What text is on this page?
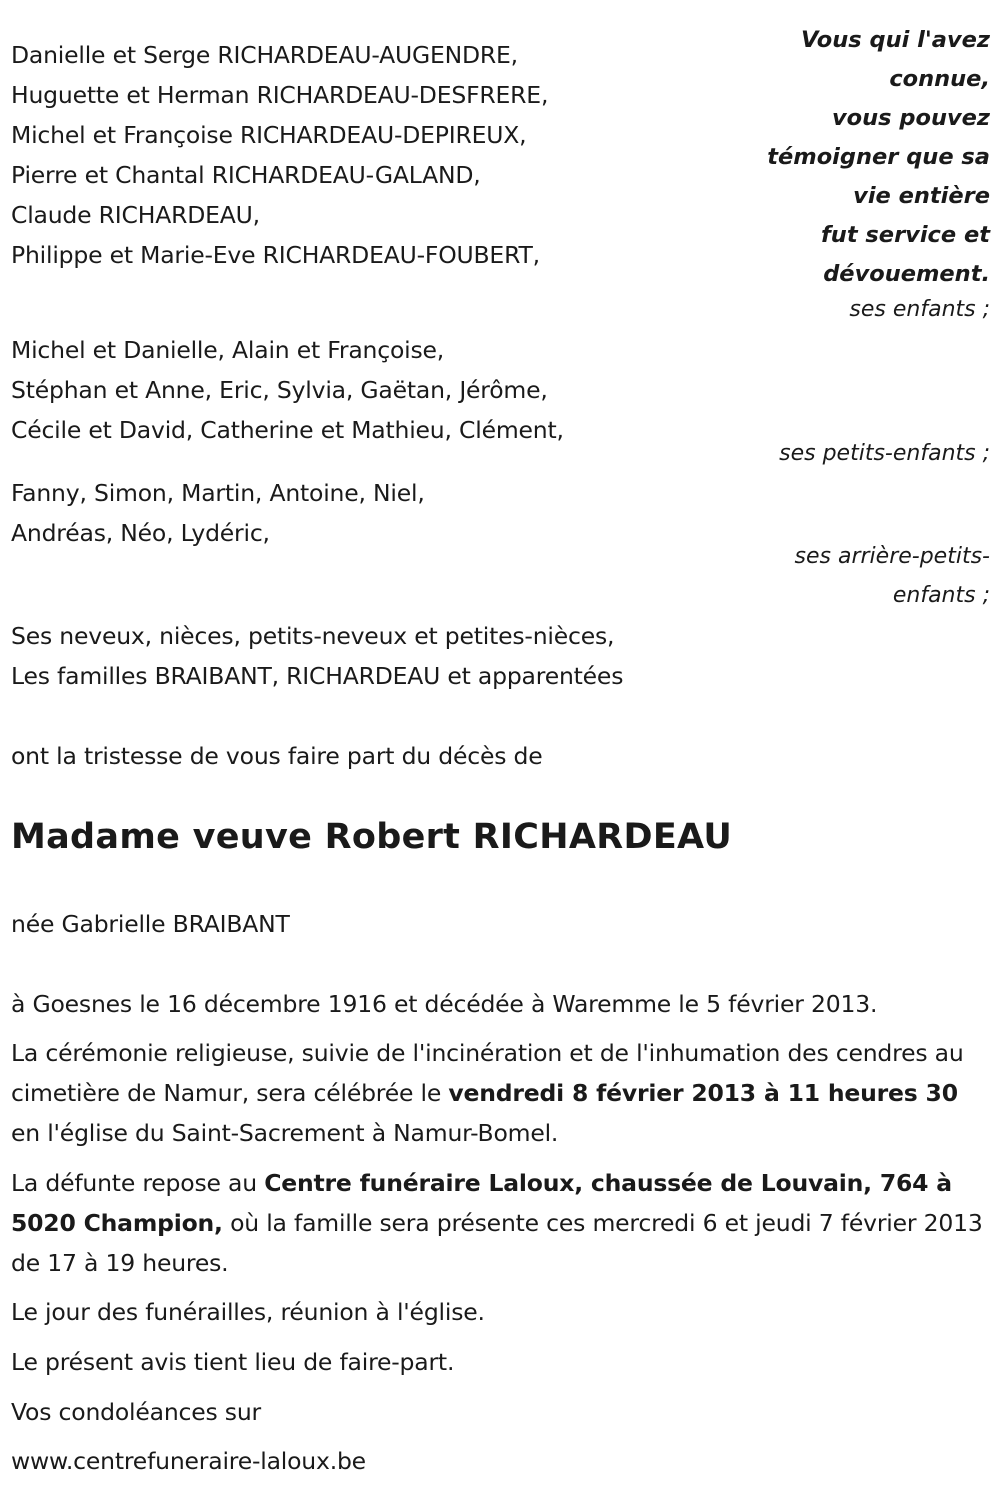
Vous qui l'avez
connue,
vous pouvez
témoigner que sa
vie entière
fut service et
dévouement.
Danielle et Serge RICHARDEAU-AUGENDRE,
Huguette et Herman RICHARDEAU-DESFRERE,
Michel et Françoise RICHARDEAU-DEPIREUX,
Pierre et Chantal RICHARDEAU-GALAND,
Claude RICHARDEAU,
Philippe et Marie-Eve RICHARDEAU-FOUBERT,
ses enfants ;
Michel et Danielle, Alain et Françoise,
Stéphan et Anne, Eric, Sylvia, Gaëtan, Jérôme,
Cécile et David, Catherine et Mathieu, Clément,
ses petits-enfants ;
Fanny, Simon, Martin, Antoine, Niel,
Andréas, Néo, Lydéric,
ses arrière-petits-
enfants ;
Ses neveux, nièces, petits-neveux et petites-nièces,
Les familles BRAIBANT, RICHARDEAU et apparentées
ont la tristesse de vous faire part du décès de
Madame veuve Robert RICHARDEAU
née Gabrielle BRAIBANT
à Goesnes le 16 décembre 1916 et décédée à Waremme le 5 février 2013.
La cérémonie religieuse, suivie de l'incinération et de l'inhumation des cendres au cimetière de Namur, sera célébrée le vendredi 8 février 2013 à 11 heures 30 en l'église du Saint-Sacrement à Namur-Bomel.
La défunte repose au Centre funéraire Laloux, chaussée de Louvain, 764 à 5020 Champion, où la famille sera présente ces mercredi 6 et jeudi 7 février 2013 de 17 à 19 heures.
Le jour des funérailles, réunion à l'église.
Le présent avis tient lieu de faire-part.
Vos condoléances sur
www.centrefuneraire-laloux.be
